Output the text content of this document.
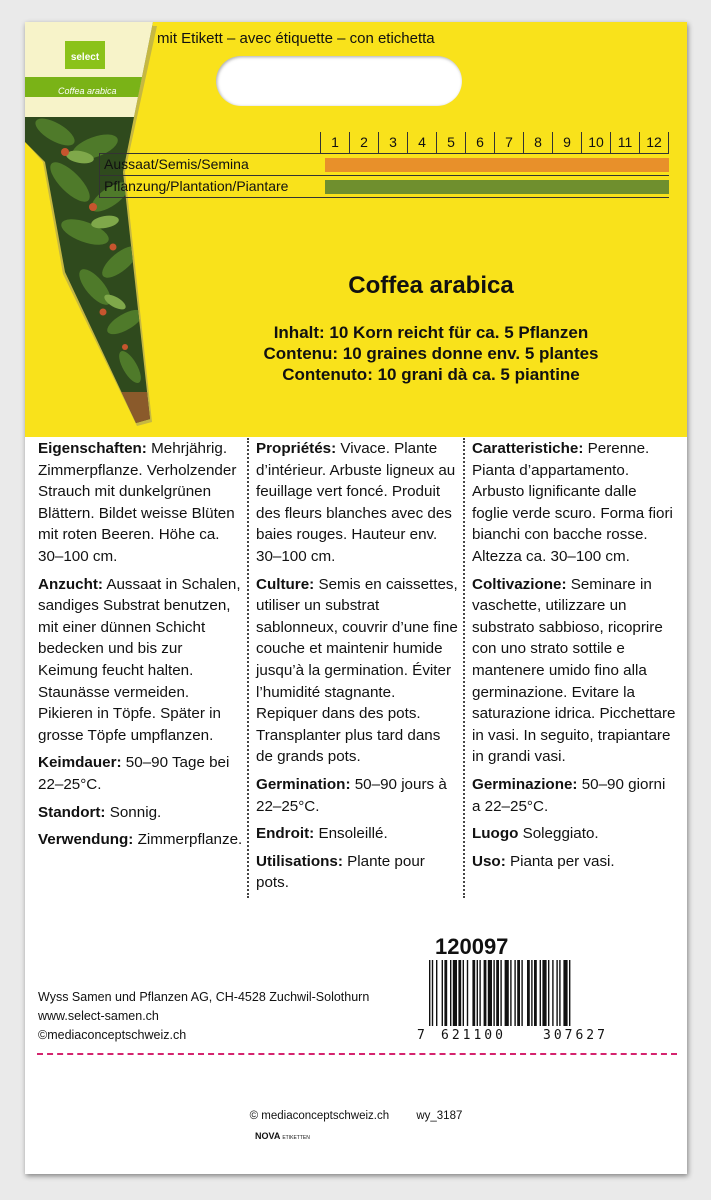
select
Coffea arabica
mit Etikett – avec étiquette – con etichetta
1	2	3	4	5	6	7	8	9	10 11 12
Aussaat/Semis/Semina
Pflanzung/Plantation/Piantare
Coffea arabica
Inhalt: 10 Korn reicht für ca. 5 Pflanzen
Contenu: 10 graines donne env. 5 plantes
Contenuto: 10 grani dà ca. 5 piantine

Eigenschaften: Mehrjährig. Zimmerpflanze. Verholzender Strauch mit dunkelgrünen Blättern. Bildet weisse Blüten mit roten Beeren. Höhe ca. 30–100 cm.

Anzucht: Aussaat in Schalen, sandiges Substrat benutzen, mit einer dünnen Schicht bedecken und bis zur Keimung feucht halten. Staunässe vermeiden. Pikieren in Töpfe. Später in grosse Töpfe umpflanzen.

Keimdauer: 50–90 Tage bei 22–25°C.

Standort: Sonnig.

Verwendung: Zimmerpflanze.

Propriétés: Vivace. Plante d’intérieur. Arbuste ligneux au feuillage vert foncé. Produit des fleurs blanches avec des baies rouges. Hauteur env. 30–100 cm.

Culture: Semis en caissettes, utiliser un substrat sablonneux, couvrir d’une fine couche et maintenir humide jusqu’à la germination. Éviter l’humidité stagnante. Repiquer dans des pots. Transplanter plus tard dans de grands pots.

Germination: 50–90 jours à 22–25°C.

Endroit: Ensoleillé.

Utilisations: Plante pour pots.

Caratteristiche: Perenne. Pianta d’appartamento. Arbusto lignificante dalle foglie verde scuro. Forma fiori bianchi con bacche rosse. Altezza ca. 30–100 cm.

Coltivazione: Seminare in vaschette, utilizzare un substrato sabbioso, ricoprire con uno strato sottile e mantenere umido fino alla germinazione. Evitare la saturazione idrica. Picchettare in vasi. In seguito, trapiantare in grandi vasi.

Germinazione: 50–90 giorni a 22–25°C.

Luogo Soleggiato.

Uso: Pianta per vasi.

120097
7 621100	307627
Wyss Samen und Pflanzen AG, CH-4528 Zuchwil-Solothurn
www.select-samen.ch
©mediaconceptschweiz.ch
© mediaconceptschweiz.ch wy_3187
NOVA ETIKETTEN
